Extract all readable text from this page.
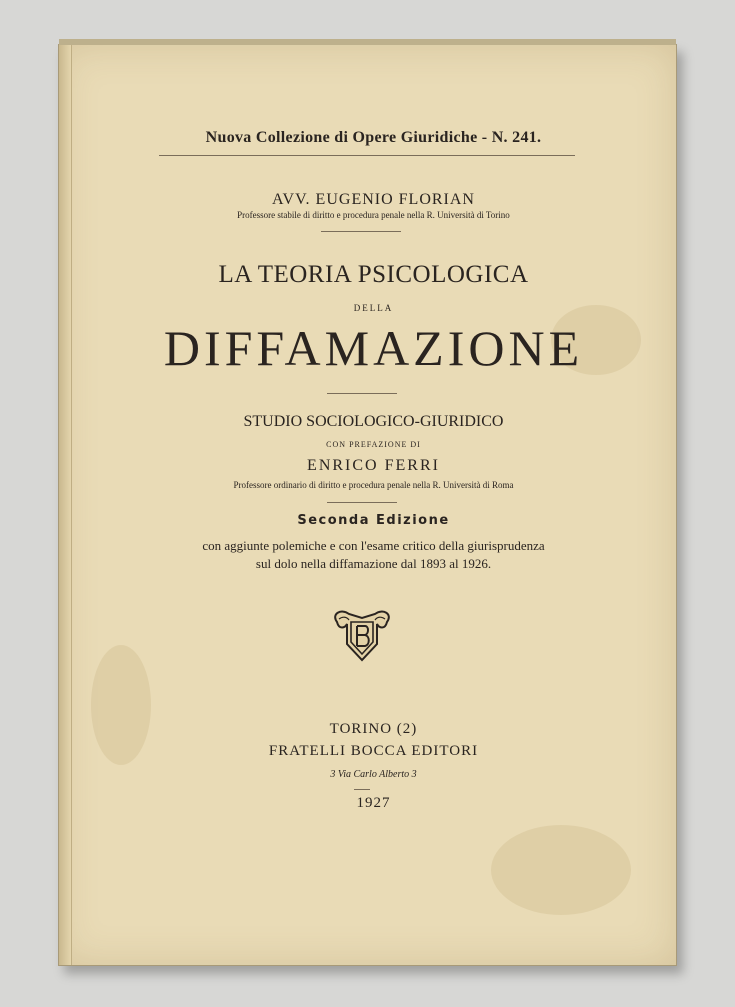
Nuova Collezione di Opere Giuridiche - N. 241.
AVV. EUGENIO FLORIAN
Professore stabile di diritto e procedura penale nella R. Università di Torino
LA TEORIA PSICOLOGICA
DELLA
DIFFAMAZIONE
STUDIO SOCIOLOGICO-GIURIDICO
CON PREFAZIONE DI
ENRICO FERRI
Professore ordinario di diritto e procedura penale nella R. Università di Roma
Seconda Edizione
con aggiunte polemiche e con l'esame critico della giurisprudenza
sul dolo nella diffamazione dal 1893 al 1926.
TORINO (2)
FRATELLI BOCCA EDITORI
3 Via Carlo Alberto 3
1927
